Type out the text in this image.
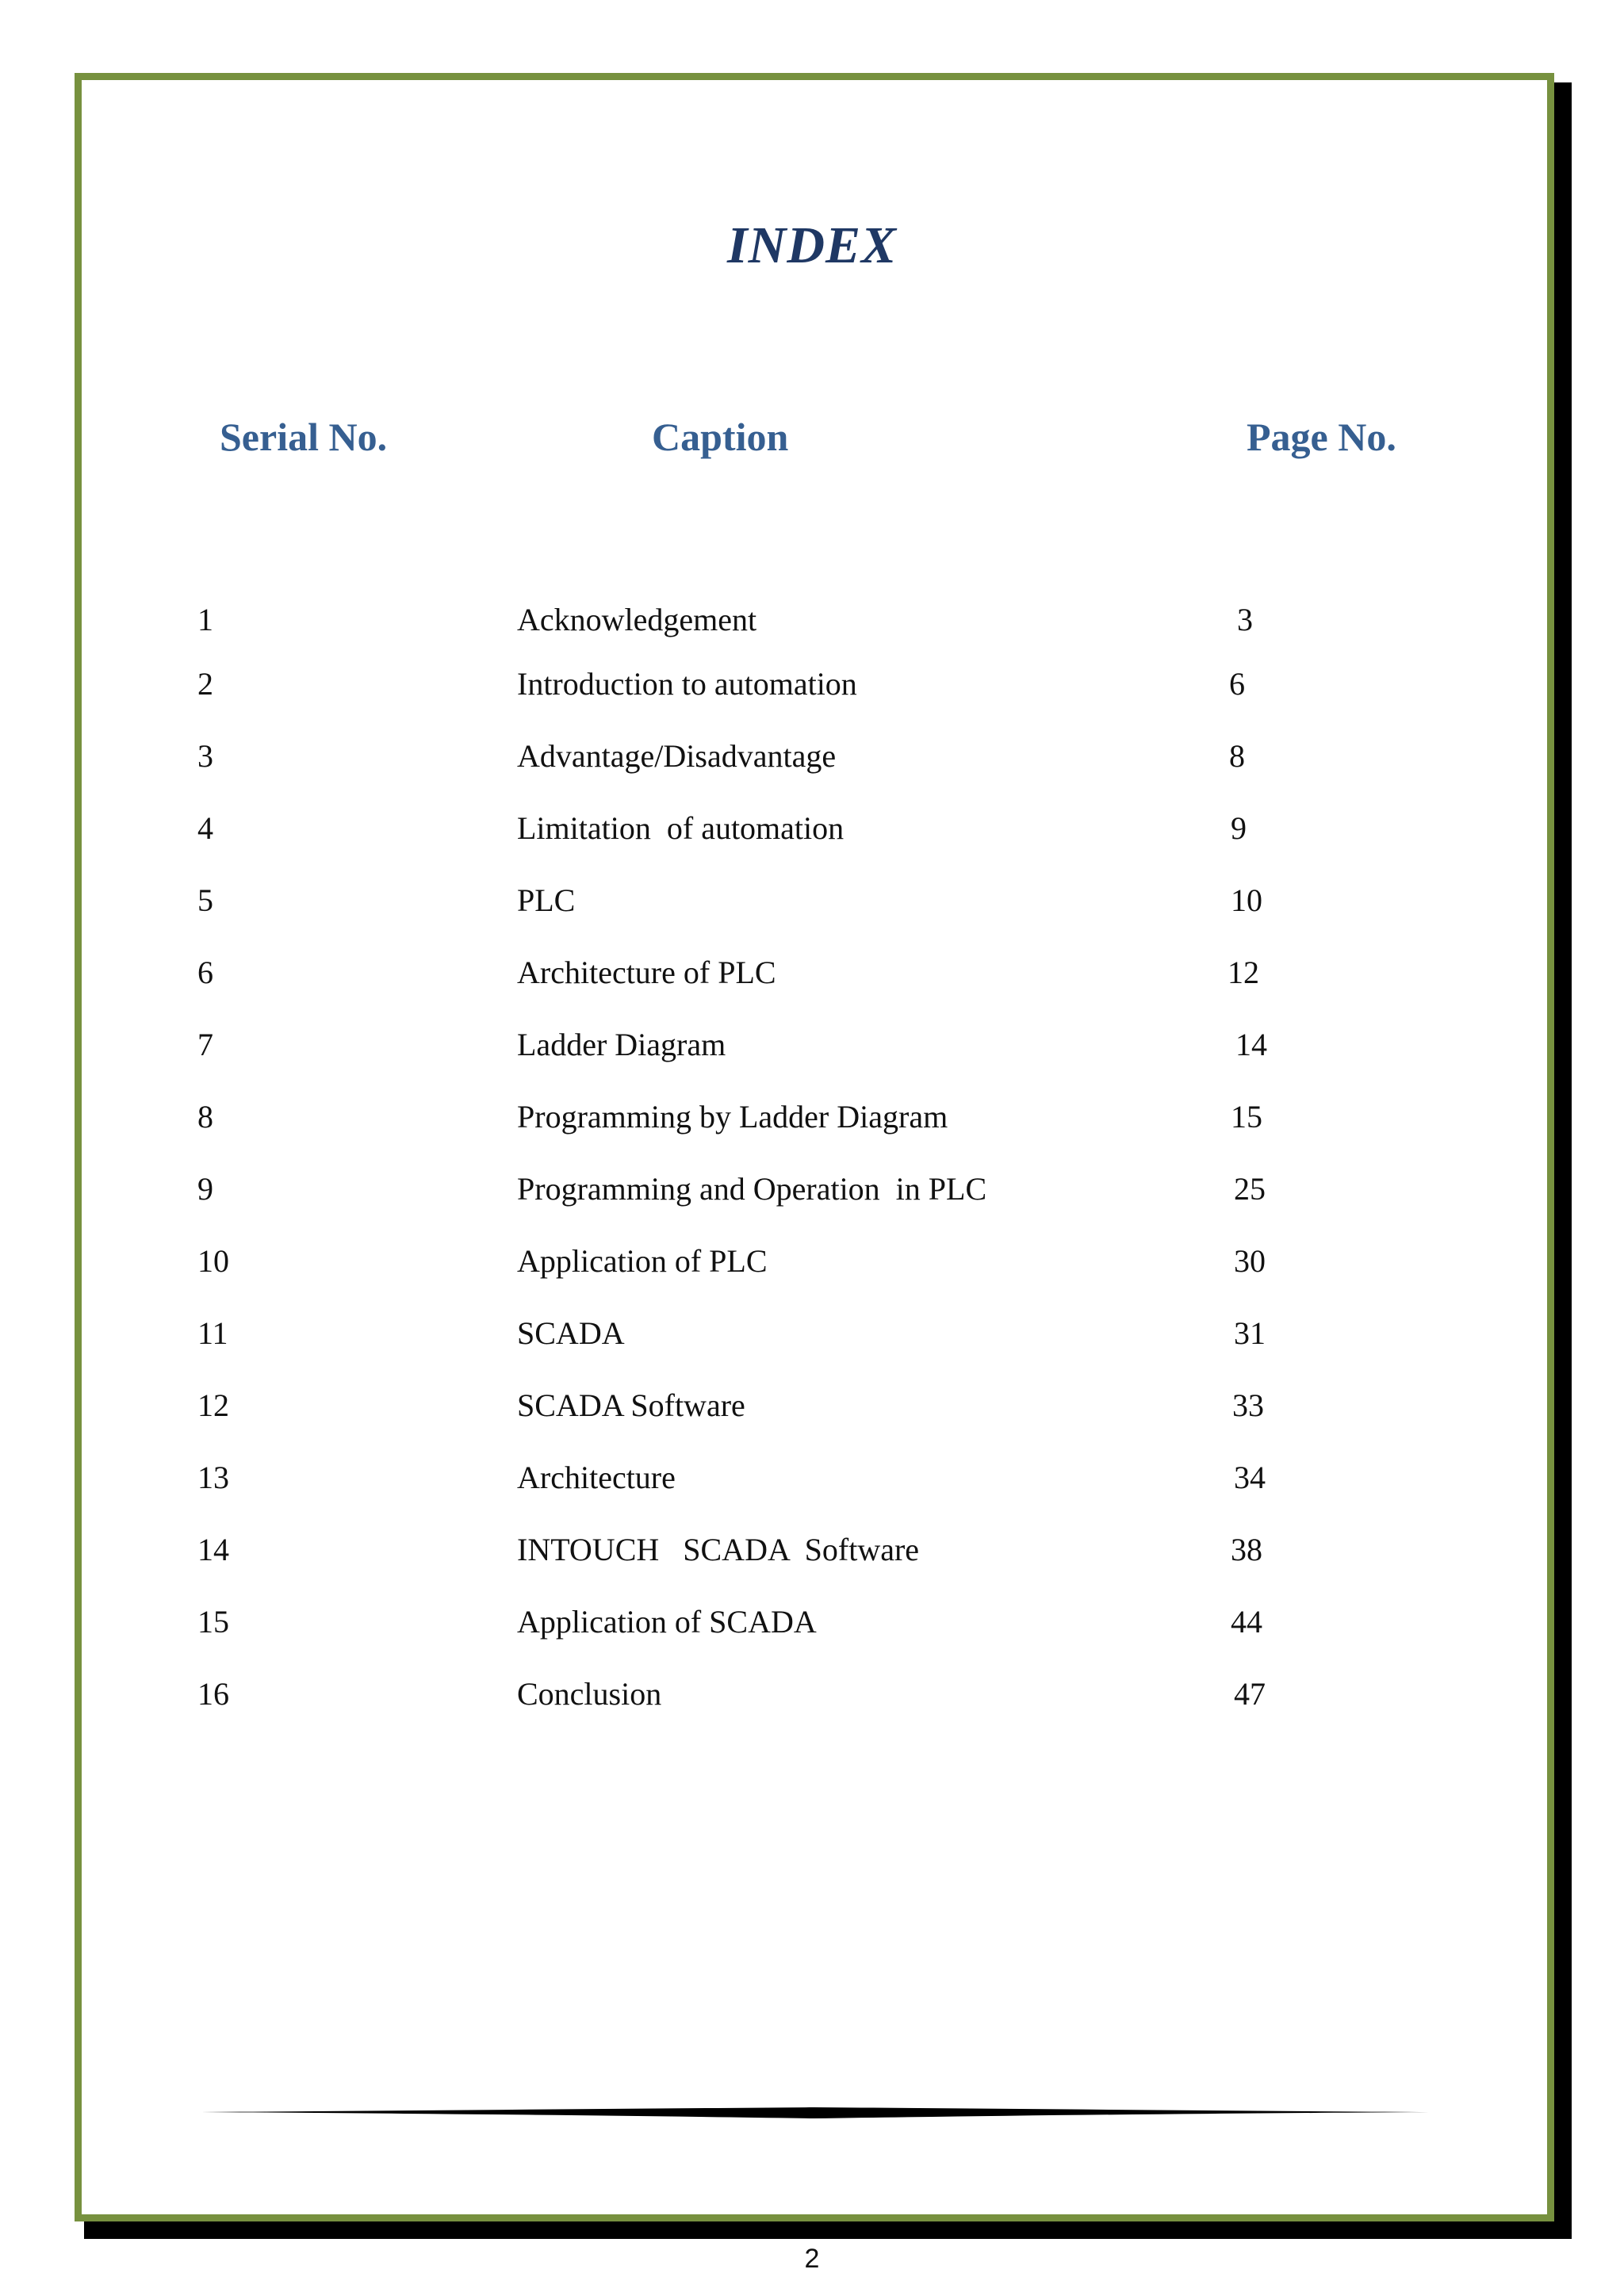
INDEX
Serial No.	Caption	Page No.
1	Acknowledgement	3
2	Introduction to automation	6
3	Advantage/Disadvantage	8
4	Limitation  of automation	9
5	PLC	10
6	Architecture of PLC	12
7	Ladder Diagram	14
8	Programming by Ladder Diagram	15
9	Programming and Operation  in PLC	25
10	Application of PLC	30
11	SCADA	31
12	SCADA Software	33
13	Architecture	34
14	INTOUCH   SCADA  Software	38
15	Application of SCADA	44
16	Conclusion	47
2
